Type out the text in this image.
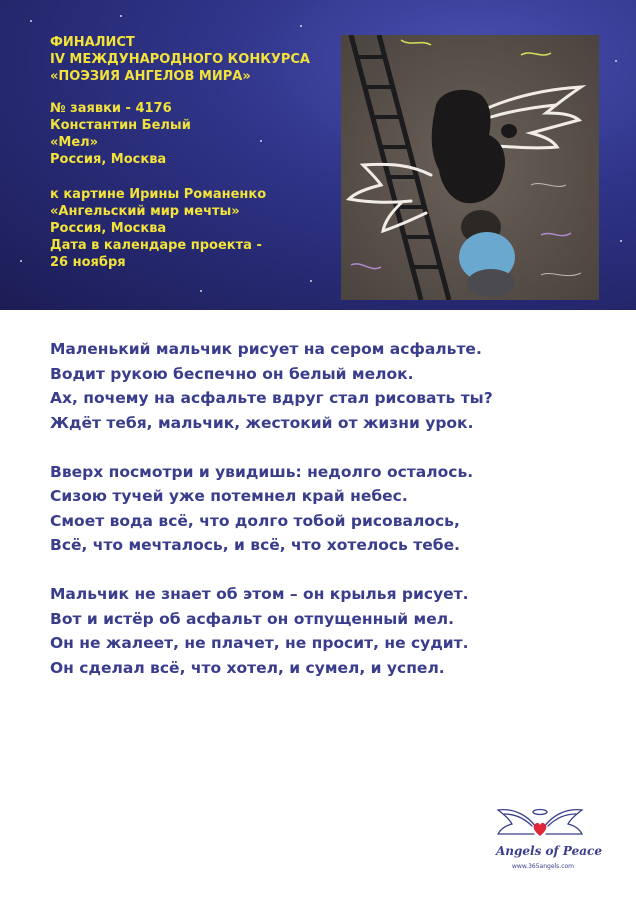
ФИНАЛИСТ
IV МЕЖДУНАРОДНОГО КОНКУРСА
«ПОЭЗИЯ АНГЕЛОВ МИРА»
№ заявки - 4176
Константин Белый
«Мел»
Россия, Москва
к картине Ирины Романенко
«Ангельский мир мечты»
Россия, Москва
Дата в календаре проекта -
26 ноября
Маленький мальчик рисует на сером асфальте.
Водит рукою беспечно он белый мелок.
Ах, почему на асфальте вдруг стал рисовать ты?
Ждёт тебя, мальчик, жестокий от жизни урок.
Вверх посмотри и увидишь: недолго осталось.
Сизою тучей уже потемнел край небес.
Смоет вода всё, что долго тобой рисовалось,
Всё, что мечталось, и всё, что хотелось тебе.
Мальчик не знает об этом – он крылья рисует.
Вот и истёр об асфальт он отпущенный мел.
Он не жалеет, не плачет, не просит, не судит.
Он сделал всё, что хотел, и сумел, и успел.
Angels of Peace
www.365angels.com
